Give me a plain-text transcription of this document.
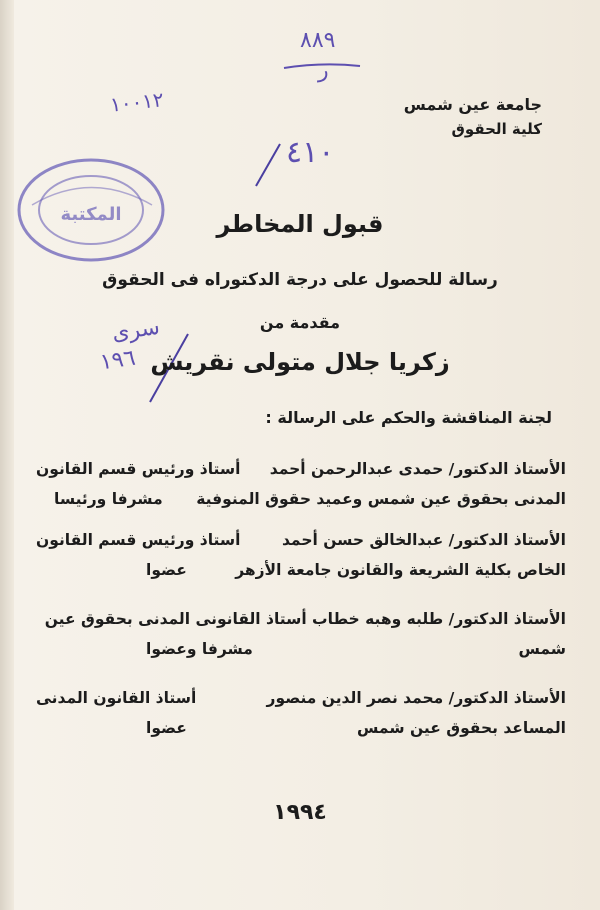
٨٨٩
ر
١٠٠١٢
٤١٠
ﺳﺮﻯ
١٩٦
المكتبة
جامعة عين شمس
كلية الحقوق
قبول المخاطر
رسالة للحصول على درجة الدكتوراه فى الحقوق
مقدمة من
زكريا جلال متولى نقريش
لجنة المناقشة والحكم على الرسالة :
الأستاذ الدكتور/ حمدى عبدالرحمن أحمد
أستاذ ورئيس قسم القانون
المدنى بحقوق عين شمس وعميد حقوق المنوفية
مشرفا ورئيسا
الأستاذ الدكتور/ عبدالخالق حسن أحمد
أستاذ ورئيس قسم القانون
الخاص بكلية الشريعة والقانون جامعة الأزهر
عضوا
الأستاذ الدكتور/ طلبه وهبه خطاب أستاذ القانونى المدنى بحقوق عين
شمس
مشرفا وعضوا
الأستاذ الدكتور/ محمد نصر الدين منصور
أستاذ القانون المدنى
المساعد بحقوق عين شمس
عضوا
١٩٩٤
